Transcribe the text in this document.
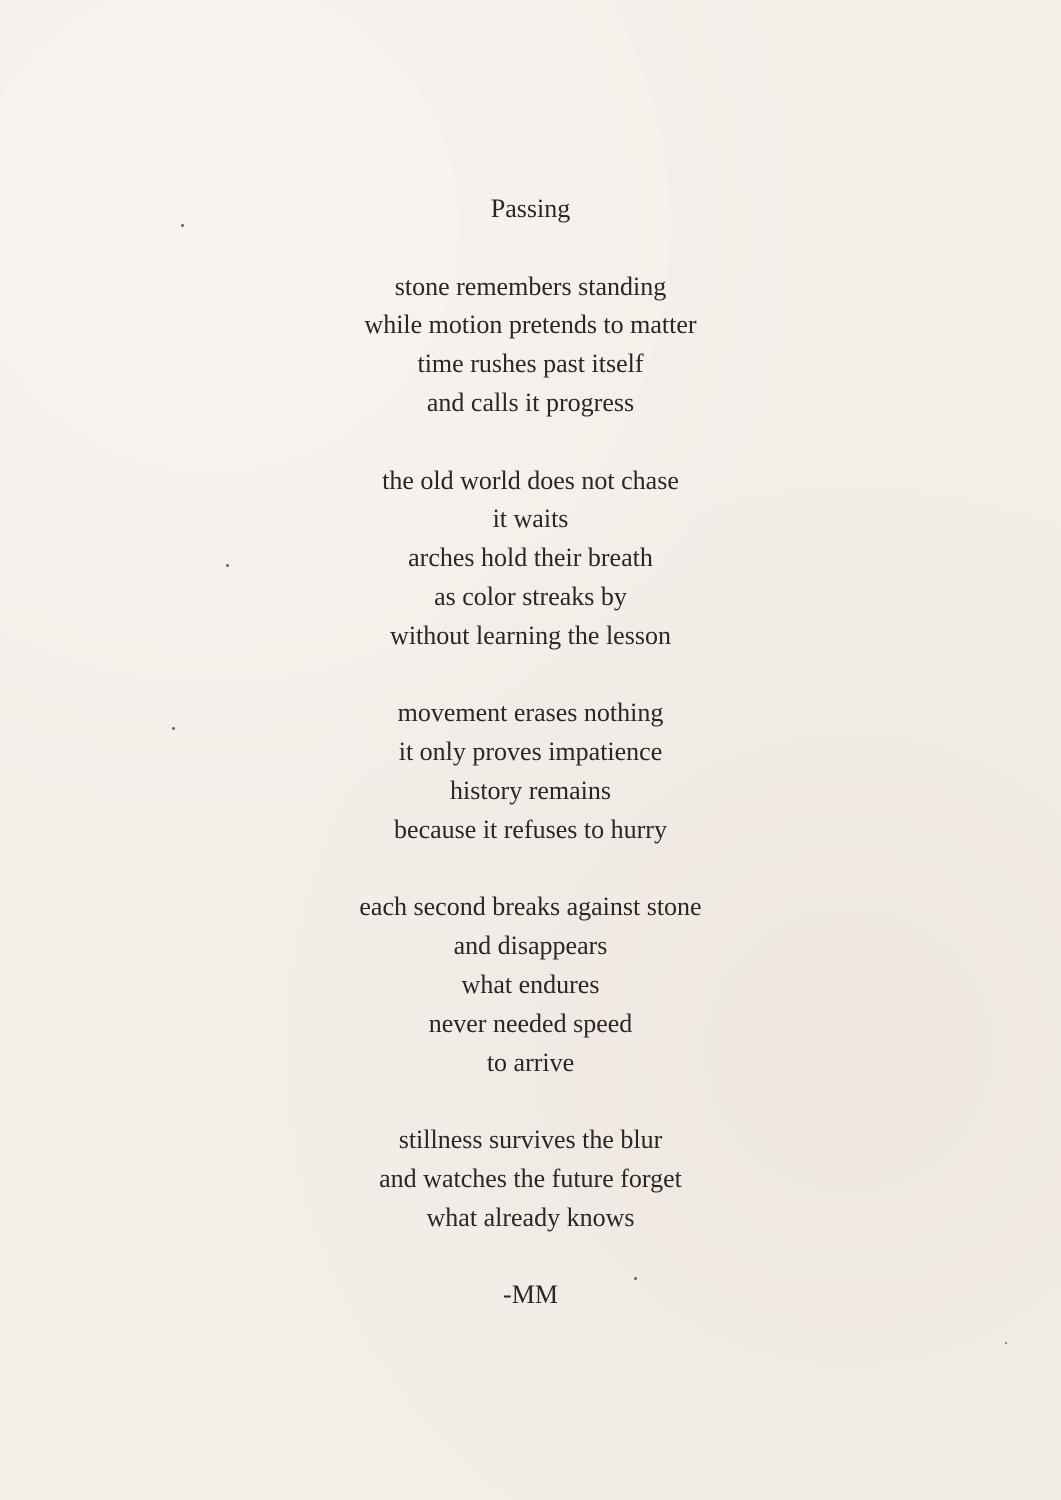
Passing
stone remembers standing
while motion pretends to matter
time rushes past itself
and calls it progress
the old world does not chase
it waits
arches hold their breath
as color streaks by
without learning the lesson
movement erases nothing
it only proves impatience
history remains
because it refuses to hurry
each second breaks against stone
and disappears
what endures
never needed speed
to arrive
stillness survives the blur
and watches the future forget
what already knows
-MM
